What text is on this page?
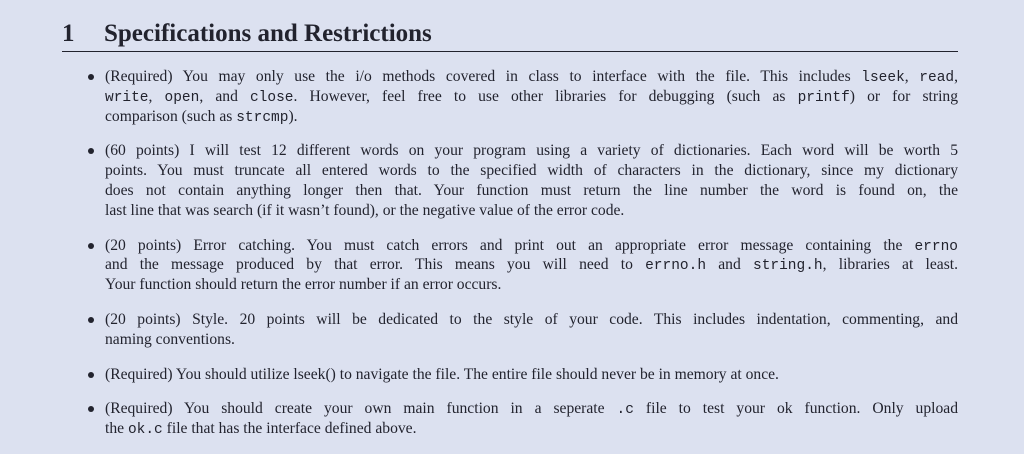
1 Specifications and Restrictions
(Required) You may only use the i/o methods covered in class to interface with the file. This includes lseek, read,
write, open, and close. However, feel free to use other libraries for debugging (such as printf) or for string
comparison (such as strcmp).
(60 points) I will test 12 different words on your program using a variety of dictionaries. Each word will be worth 5
points. You must truncate all entered words to the specified width of characters in the dictionary, since my dictionary
does not contain anything longer then that. Your function must return the line number the word is found on, the
last line that was search (if it wasn’t found), or the negative value of the error code.
(20 points) Error catching. You must catch errors and print out an appropriate error message containing the errno
and the message produced by that error. This means you will need to errno.h and string.h, libraries at least.
Your function should return the error number if an error occurs.
(20 points) Style. 20 points will be dedicated to the style of your code. This includes indentation, commenting, and
naming conventions.
(Required) You should utilize lseek() to navigate the file. The entire file should never be in memory at once.
(Required) You should create your own main function in a seperate .c file to test your ok function. Only upload
the ok.c file that has the interface defined above.
